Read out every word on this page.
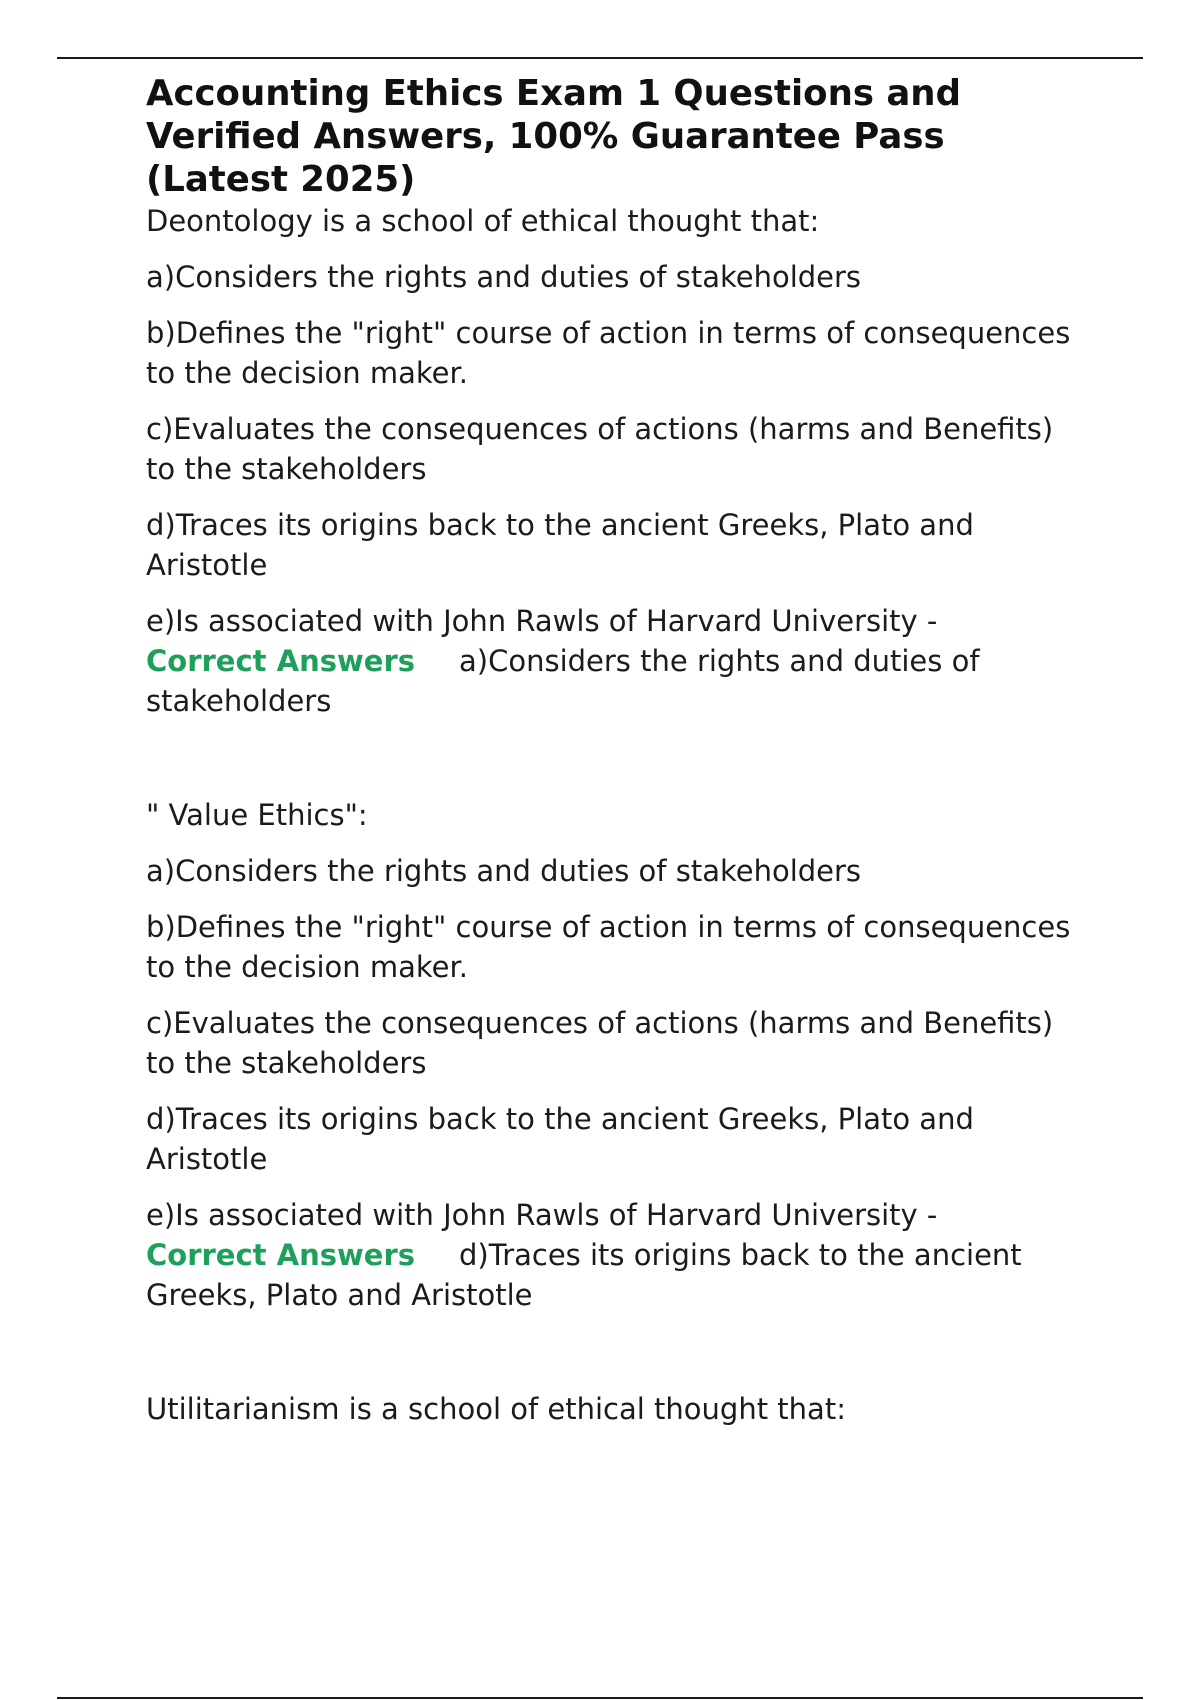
Accounting Ethics Exam 1 Questions and Verified Answers, 100% Guarantee Pass (Latest 2025)

Deontology is a school of ethical thought that:

a)Considers the rights and duties of stakeholders

b)Defines the "right" course of action in terms of consequences to the decision maker.

c)Evaluates the consequences of actions (harms and Benefits) to the stakeholders

d)Traces its origins back to the ancient Greeks, Plato and Aristotle

e)Is associated with John Rawls of Harvard University -

Correct Answers a)Considers the rights and duties of stakeholders

" Value Ethics":

a)Considers the rights and duties of stakeholders

b)Defines the "right" course of action in terms of consequences to the decision maker.

c)Evaluates the consequences of actions (harms and Benefits) to the stakeholders

d)Traces its origins back to the ancient Greeks, Plato and Aristotle

e)Is associated with John Rawls of Harvard University -

Correct Answers d)Traces its origins back to the ancient Greeks, Plato and Aristotle

Utilitarianism is a school of ethical thought that:
